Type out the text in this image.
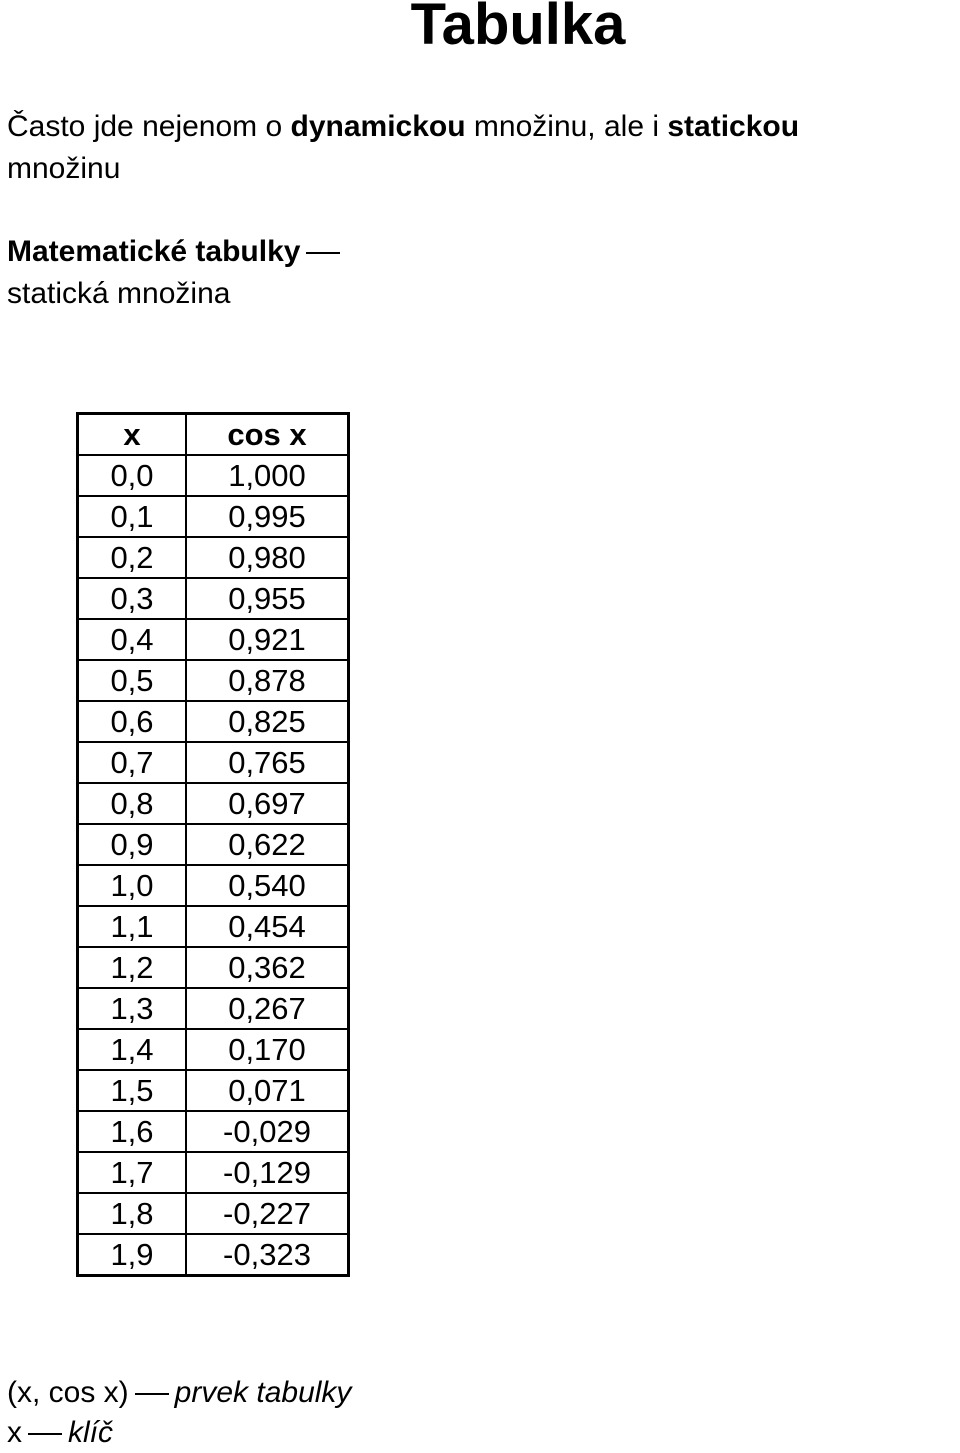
Tabulka

Často jde nejenom o dynamickou množinu, ale i statickou
množinu

Matematické tabulky
statická množina

x	cos x
0,0	1,000
0,1	0,995
0,2	0,980
0,3	0,955
0,4	0,921
0,5	0,878
0,6	0,825
0,7	0,765
0,8	0,697
0,9	0,622
1,0	0,540
1,1	0,454
1,2	0,362
1,3	0,267
1,4	0,170
1,5	0,071
1,6	-0,029
1,7	-0,129
1,8	-0,227
1,9	-0,323

(x, cos x) prvek tabulky
x klíč
